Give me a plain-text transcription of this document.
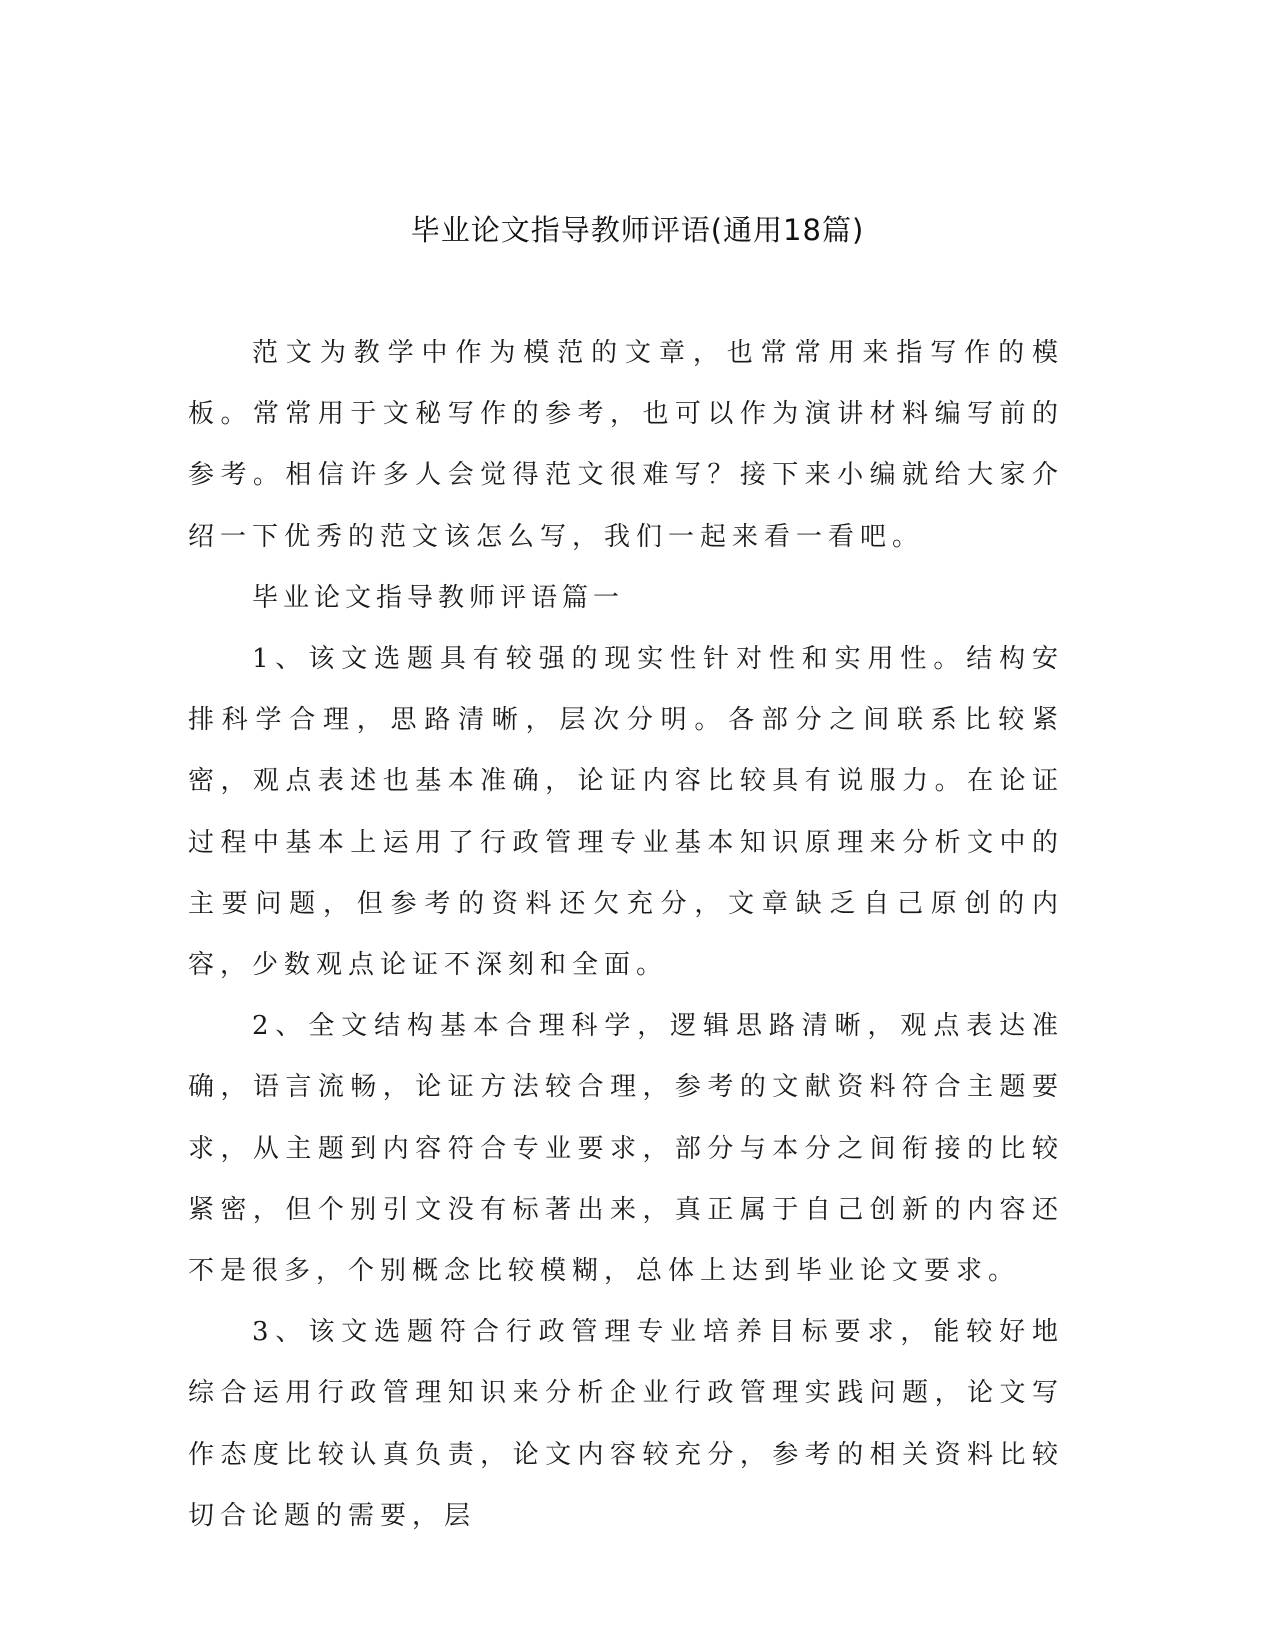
毕业论文指导教师评语(通用18篇)

范文为教学中作为模范的文章，也常常用来指写作的模板。常常用于文秘写作的参考，也可以作为演讲材料编写前的参考。相信许多人会觉得范文很难写？接下来小编就给大家介绍一下优秀的范文该怎么写，我们一起来看一看吧。

毕业论文指导教师评语篇一

1、该文选题具有较强的现实性针对性和实用性。结构安排科学合理，思路清晰，层次分明。各部分之间联系比较紧密，观点表述也基本准确，论证内容比较具有说服力。在论证过程中基本上运用了行政管理专业基本知识原理来分析文中的主要问题，但参考的资料还欠充分，文章缺乏自己原创的内容，少数观点论证不深刻和全面。

2、全文结构基本合理科学，逻辑思路清晰，观点表达准确，语言流畅，论证方法较合理，参考的文献资料符合主题要求，从主题到内容符合专业要求，部分与本分之间衔接的比较紧密，但个别引文没有标著出来，真正属于自己创新的内容还不是很多，个别概念比较模糊，总体上达到毕业论文要求。

3、该文选题符合行政管理专业培养目标要求，能较好地综合运用行政管理知识来分析企业行政管理实践问题，论文写作态度比较认真负责，论文内容较充分，参考的相关资料比较切合论题的需要，层
